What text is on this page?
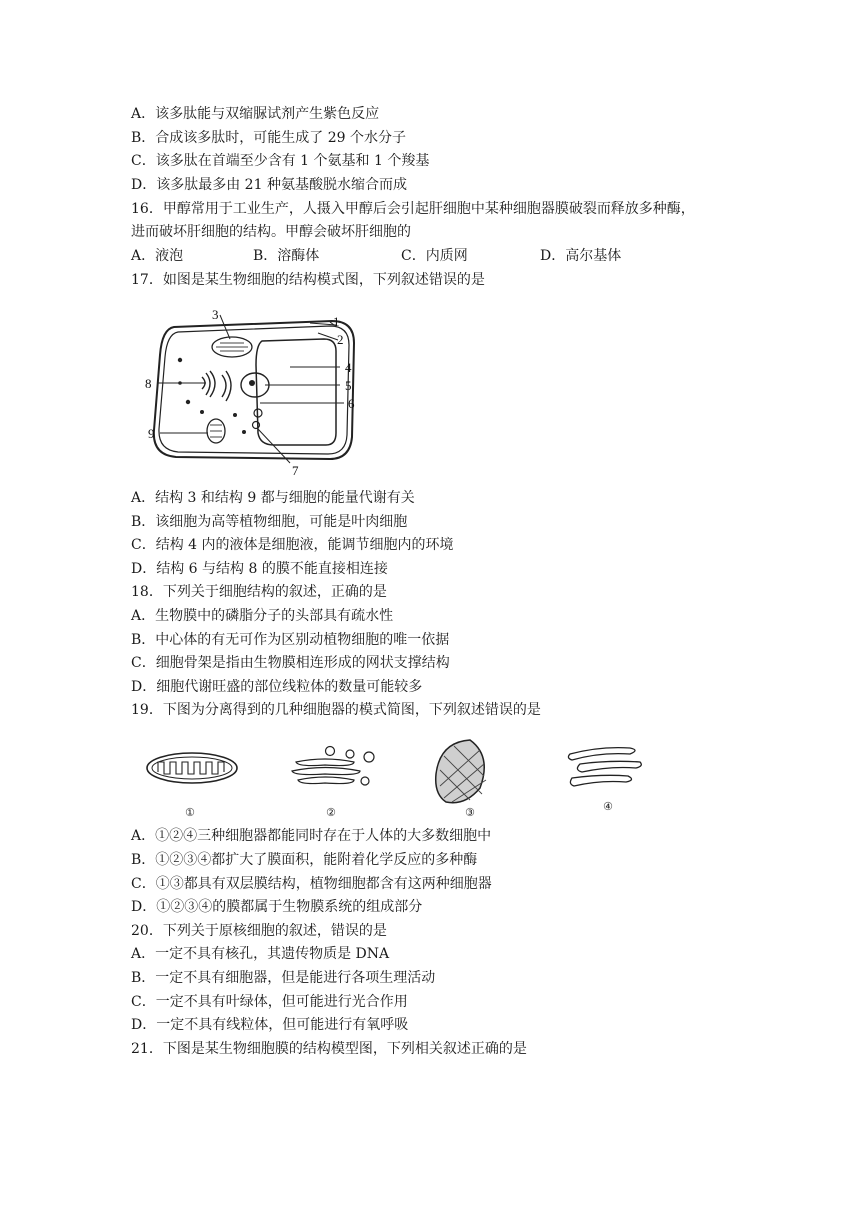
A．该多肽能与双缩脲试剂产生紫色反应
B．合成该多肽时，可能生成了 29 个水分子
C．该多肽在首端至少含有 1 个氨基和 1 个羧基
D．该多肽最多由 21 种氨基酸脱水缩合而成
16．甲醇常用于工业生产，人摄入甲醇后会引起肝细胞中某种细胞器膜破裂而释放多种酶，
进而破坏肝细胞的结构。甲醇会破坏肝细胞的
A．液泡	B．溶酶体	C．内质网	D．高尔基体
17．如图是某生物细胞的结构模式图，下列叙述错误的是
1
2
3
4
5
6
7
8
9
A．结构 3 和结构 9 都与细胞的能量代谢有关
B．该细胞为高等植物细胞，可能是叶肉细胞
C．结构 4 内的液体是细胞液，能调节细胞内的环境
D．结构 6 与结构 8 的膜不能直接相连接
18．下列关于细胞结构的叙述，正确的是
A．生物膜中的磷脂分子的头部具有疏水性
B．中心体的有无可作为区别动植物细胞的唯一依据
C．细胞骨架是指由生物膜相连形成的网状支撑结构
D．细胞代谢旺盛的部位线粒体的数量可能较多
19．下图为分离得到的几种细胞器的模式简图，下列叙述错误的是
①	②	③	④
A．①②④三种细胞器都能同时存在于人体的大多数细胞中
B．①②③④都扩大了膜面积，能附着化学反应的多种酶
C．①③都具有双层膜结构，植物细胞都含有这两种细胞器
D．①②③④的膜都属于生物膜系统的组成部分
20．下列关于原核细胞的叙述，错误的是
A．一定不具有核孔，其遗传物质是 DNA
B．一定不具有细胞器，但是能进行各项生理活动
C．一定不具有叶绿体，但可能进行光合作用
D．一定不具有线粒体，但可能进行有氧呼吸
21．下图是某生物细胞膜的结构模型图，下列相关叙述正确的是
